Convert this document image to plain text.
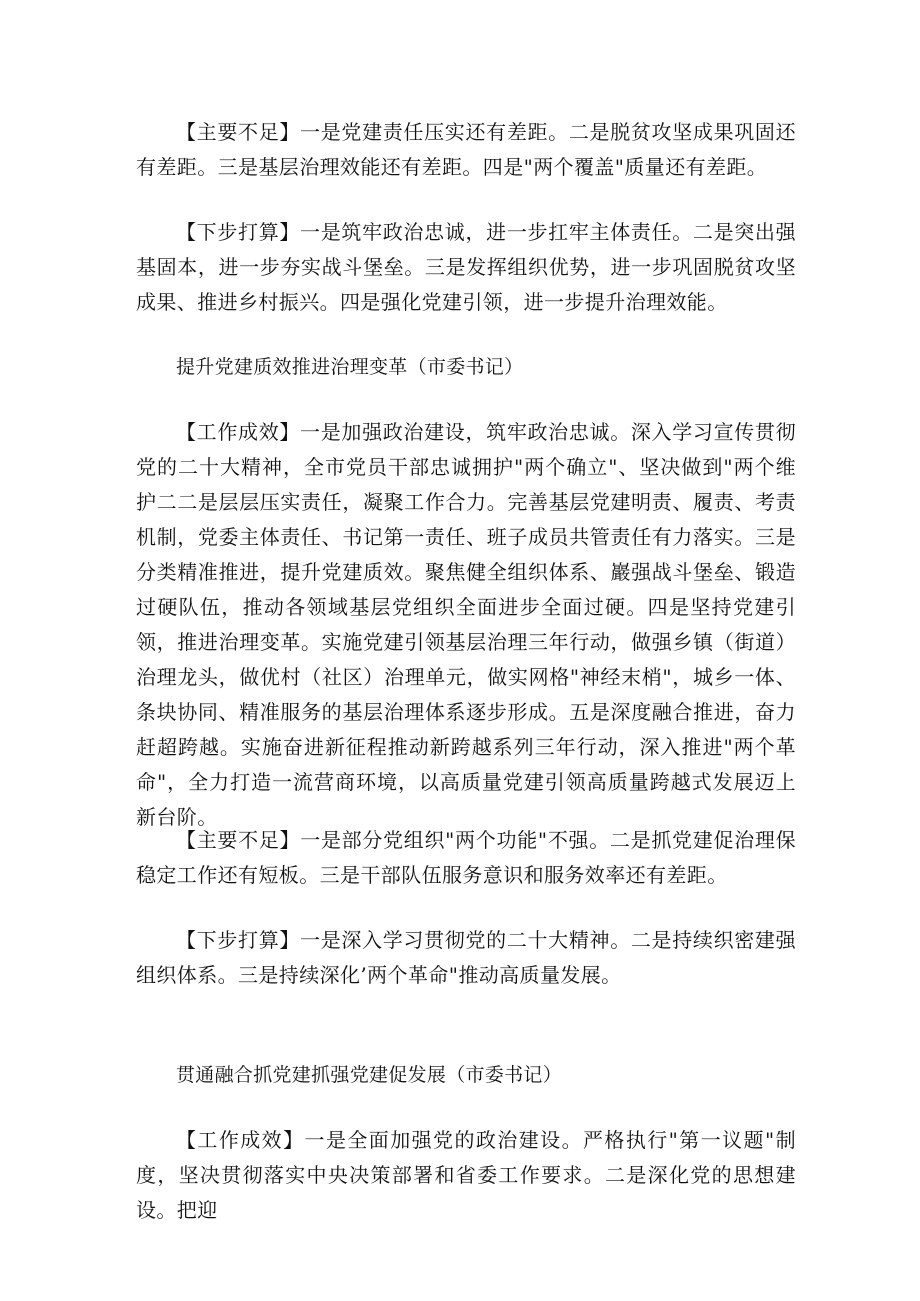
【主要不足】一是党建责任压实还有差距。二是脱贫攻坚成果巩固还有差距。三是基层治理效能还有差距。四是"两个覆盖"质量还有差距。

【下步打算】一是筑牢政治忠诚，进一步扛牢主体责任。二是突出强基固本，进一步夯实战斗堡垒。三是发挥组织优势，进一步巩固脱贫攻坚成果、推进乡村振兴。四是强化党建引领，进一步提升治理效能。

提升党建质效推进治理变革（市委书记）

【工作成效】一是加强政治建设，筑牢政治忠诚。深入学习宣传贯彻党的二十大精神，全市党员干部忠诚拥护"两个确立"、坚决做到"两个维护二二是层层压实责任，凝聚工作合力。完善基层党建明责、履责、考责机制，党委主体责任、书记第一责任、班子成员共管责任有力落实。三是分类精准推进，提升党建质效。聚焦健全组织体系、巖强战斗堡垒、锻造过硬队伍，推动各领域基层党组织全面进步全面过硬。四是坚持党建引领，推进治理变革。实施党建引领基层治理三年行动，做强乡镇（街道）治理龙头，做优村（社区）治理单元，做实网格"神经末梢"，城乡一体、条块协同、精准服务的基层治理体系逐步形成。五是深度融合推进，奋力赶超跨越。实施奋进新征程推动新跨越系列三年行动，深入推进"两个革命"，全力打造一流营商环境，以高质量党建引领高质量跨越式发展迈上新台阶。

【主要不足】一是部分党组织"两个功能"不强。二是抓党建促治理保稳定工作还有短板。三是干部队伍服务意识和服务效率还有差距。

【下步打算】一是深入学习贯彻党的二十大精神。二是持续织密建强组织体系。三是持续深化’两个革命"推动高质量发展。

贯通融合抓党建抓强党建促发展（市委书记）

【工作成效】一是全面加强党的政治建设。严格执行"第一议题"制度，坚决贯彻落实中央决策部署和省委工作要求。二是深化党的思想建设。把迎
